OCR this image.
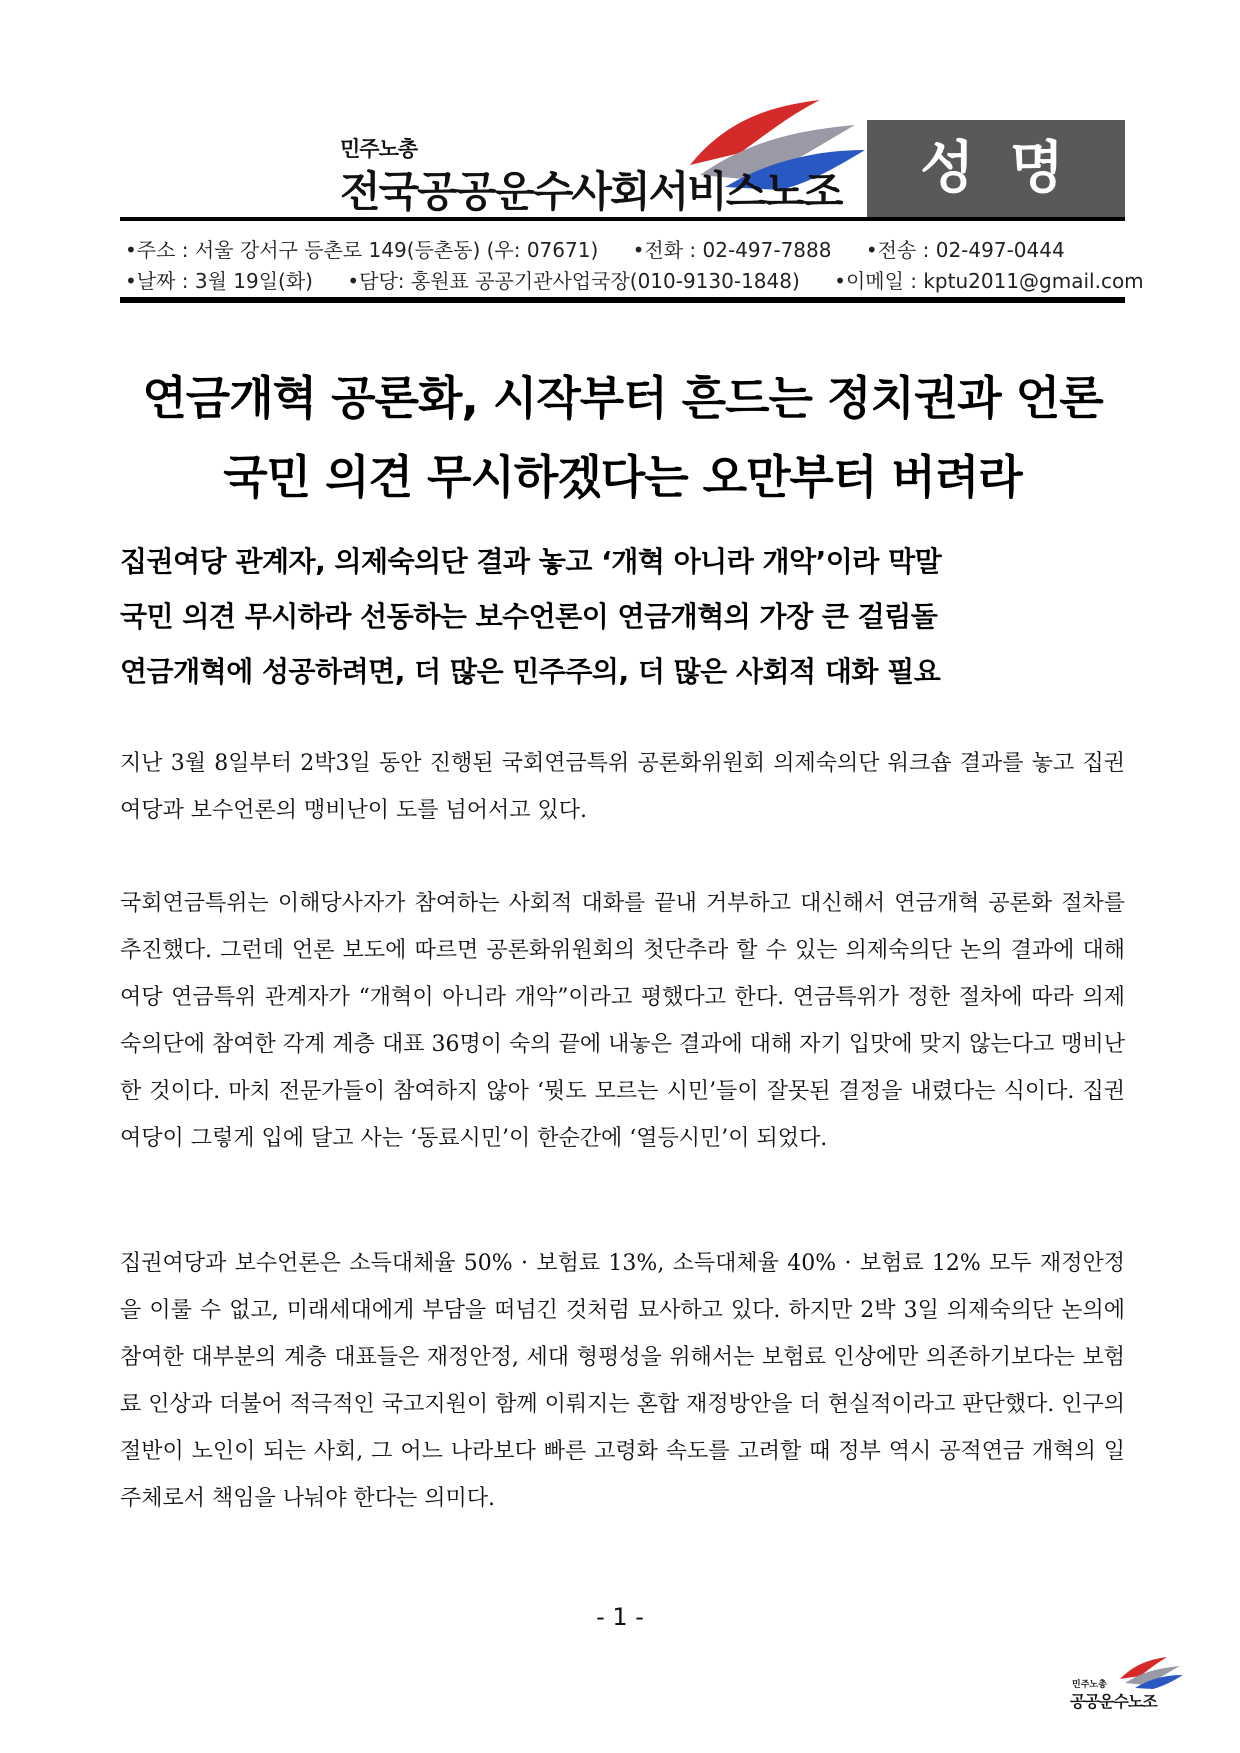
민주노총
전국공공운수사회서비스노조	성 명
•주소 : 서울 강서구 등촌로 149(등촌동) (우: 07671) •전화 : 02-497-7888 •전송 : 02-497-0444
•날짜 : 3월 19일(화) •담당: 홍원표 공공기관사업국장(010-9130-1848) •이메일 : kptu2011@gmail.com
연금개혁 공론화, 시작부터 흔드는 정치권과 언론
국민 의견 무시하겠다는 오만부터 버려라
집권여당 관계자, 의제숙의단 결과 놓고 ‘개혁 아니라 개악’이라 막말
국민 의견 무시하라 선동하는 보수언론이 연금개혁의 가장 큰 걸림돌
연금개혁에 성공하려면, 더 많은 민주주의, 더 많은 사회적 대화 필요
지난 3월 8일부터 2박3일 동안 진행된 국회연금특위 공론화위원회 의제숙의단 워크숍 결과를 놓고 집권여당과 보수언론의 맹비난이 도를 넘어서고 있다.
국회연금특위는 이해당사자가 참여하는 사회적 대화를 끝내 거부하고 대신해서 연금개혁 공론화 절차를 추진했다. 그런데 언론 보도에 따르면 공론화위원회의 첫단추라 할 수 있는 의제숙의단 논의 결과에 대해 여당 연금특위 관계자가 “개혁이 아니라 개악”이라고 평했다고 한다. 연금특위가 정한 절차에 따라 의제숙의단에 참여한 각계 계층 대표 36명이 숙의 끝에 내놓은 결과에 대해 자기 입맛에 맞지 않는다고 맹비난한 것이다. 마치 전문가들이 참여하지 않아 ‘뭣도 모르는 시민’들이 잘못된 결정을 내렸다는 식이다. 집권여당이 그렇게 입에 달고 사는 ‘동료시민’이 한순간에 ‘열등시민’이 되었다.
집권여당과 보수언론은 소득대체율 50% · 보험료 13%, 소득대체율 40% · 보험료 12% 모두 재정안정을 이룰 수 없고, 미래세대에게 부담을 떠넘긴 것처럼 묘사하고 있다. 하지만 2박 3일 의제숙의단 논의에 참여한 대부분의 계층 대표들은 재정안정, 세대 형평성을 위해서는 보험료 인상에만 의존하기보다는 보험료 인상과 더불어 적극적인 국고지원이 함께 이뤄지는 혼합 재정방안을 더 현실적이라고 판단했다. 인구의 절반이 노인이 되는 사회, 그 어느 나라보다 빠른 고령화 속도를 고려할 때 정부 역시 공적연금 개혁의 일주체로서 책임을 나눠야 한다는 의미다.
- 1 -
민주노총
공공운수노조
